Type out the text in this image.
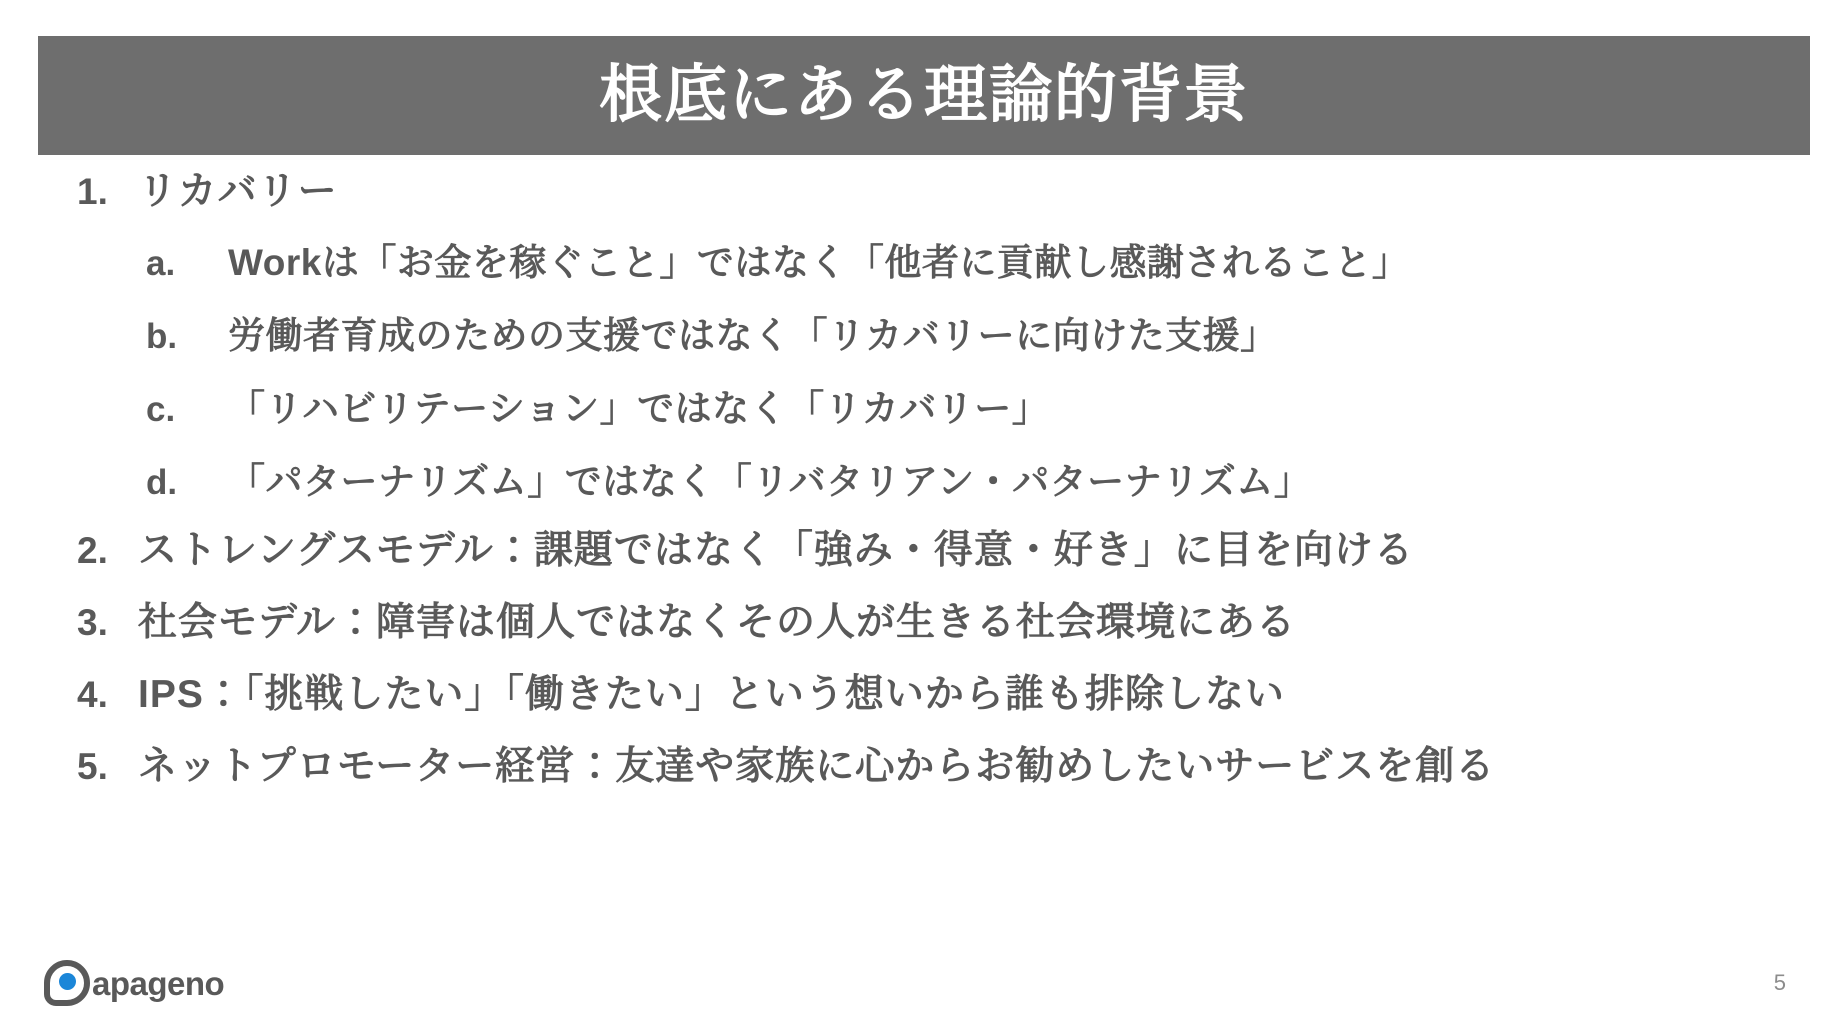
根底にある理論的背景
1. リカバリー
a.	Workは「お金を稼ぐこと」ではなく「他者に貢献し感謝されること」
b.	労働者育成のための支援ではなく「リカバリーに向けた支援」
c.	「リハビリテーション」ではなく「リカバリー」
d.	「パターナリズム」ではなく「リバタリアン・パターナリズム」
2. ストレングスモデル：課題ではなく「強み・得意・好き」に目を向ける
3. 社会モデル：障害は個人ではなくその人が生きる社会環境にある
4. IPS：「挑戦したい」「働きたい」という想いから誰も排除しない
5. ネットプロモーター経営：友達や家族に心からお勧めしたいサービスを創る
apageno	5
